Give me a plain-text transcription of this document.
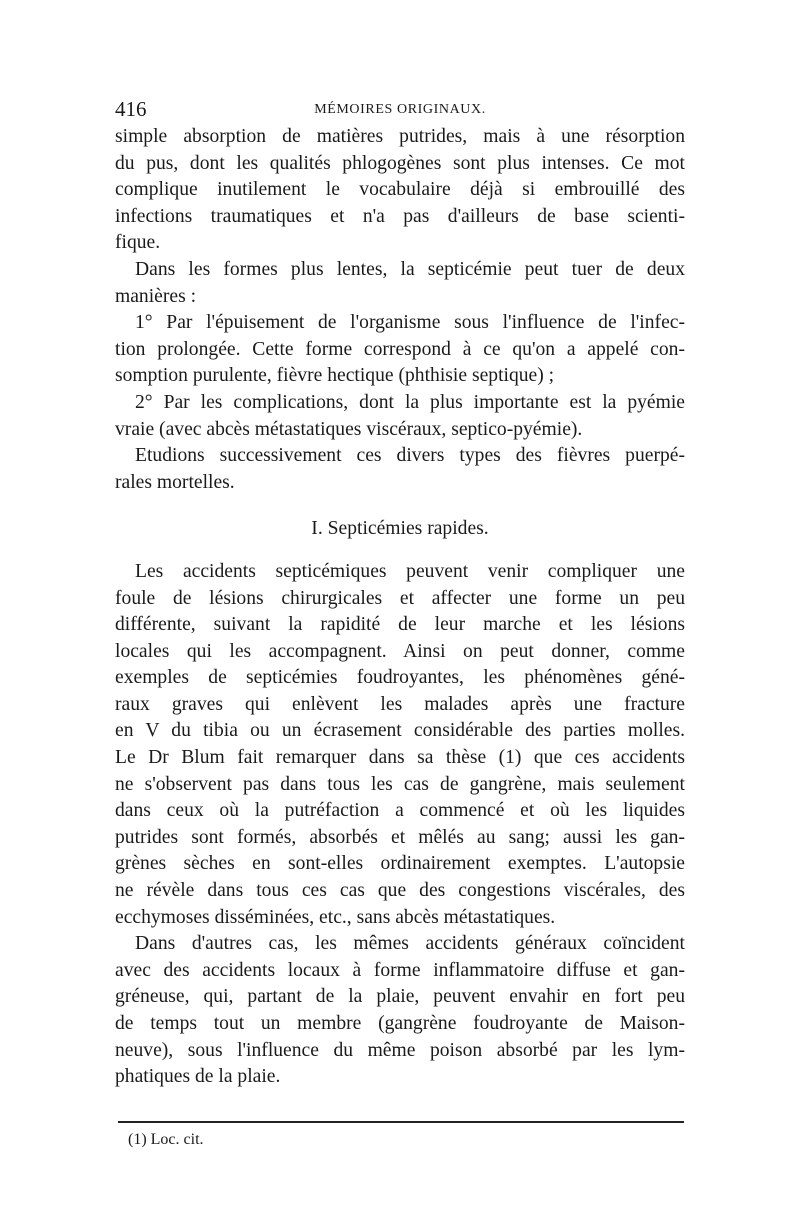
416	MÉMOIRES ORIGINAUX.
simple absorption de matières putrides, mais à une résorption
du pus, dont les qualités phlogogènes sont plus intenses. Ce mot
complique inutilement le vocabulaire déjà si embrouillé des
infections traumatiques et n'a pas d'ailleurs de base scienti-
fique.
Dans les formes plus lentes, la septicémie peut tuer de deux
manières :
1° Par l'épuisement de l'organisme sous l'influence de l'infec-
tion prolongée. Cette forme correspond à ce qu'on a appelé con-
somption purulente, fièvre hectique (phthisie septique) ;
2° Par les complications, dont la plus importante est la pyémie
vraie (avec abcès métastatiques viscéraux, septico-pyémie).
Etudions successivement ces divers types des fièvres puerpé-
rales mortelles.
I. Septicémies rapides.
Les accidents septicémiques peuvent venir compliquer une
foule de lésions chirurgicales et affecter une forme un peu
différente, suivant la rapidité de leur marche et les lésions
locales qui les accompagnent. Ainsi on peut donner, comme
exemples de septicémies foudroyantes, les phénomènes géné-
raux graves qui enlèvent les malades après une fracture
en V du tibia ou un écrasement considérable des parties molles.
Le Dr Blum fait remarquer dans sa thèse (1) que ces accidents
ne s'observent pas dans tous les cas de gangrène, mais seulement
dans ceux où la putréfaction a commencé et où les liquides
putrides sont formés, absorbés et mêlés au sang; aussi les gan-
grènes sèches en sont-elles ordinairement exemptes. L'autopsie
ne révèle dans tous ces cas que des congestions viscérales, des
ecchymoses disséminées, etc., sans abcès métastatiques.
Dans d'autres cas, les mêmes accidents généraux coïncident
avec des accidents locaux à forme inflammatoire diffuse et gan-
gréneuse, qui, partant de la plaie, peuvent envahir en fort peu
de temps tout un membre (gangrène foudroyante de Maison-
neuve), sous l'influence du même poison absorbé par les lym-
phatiques de la plaie.
(1) Loc. cit.
